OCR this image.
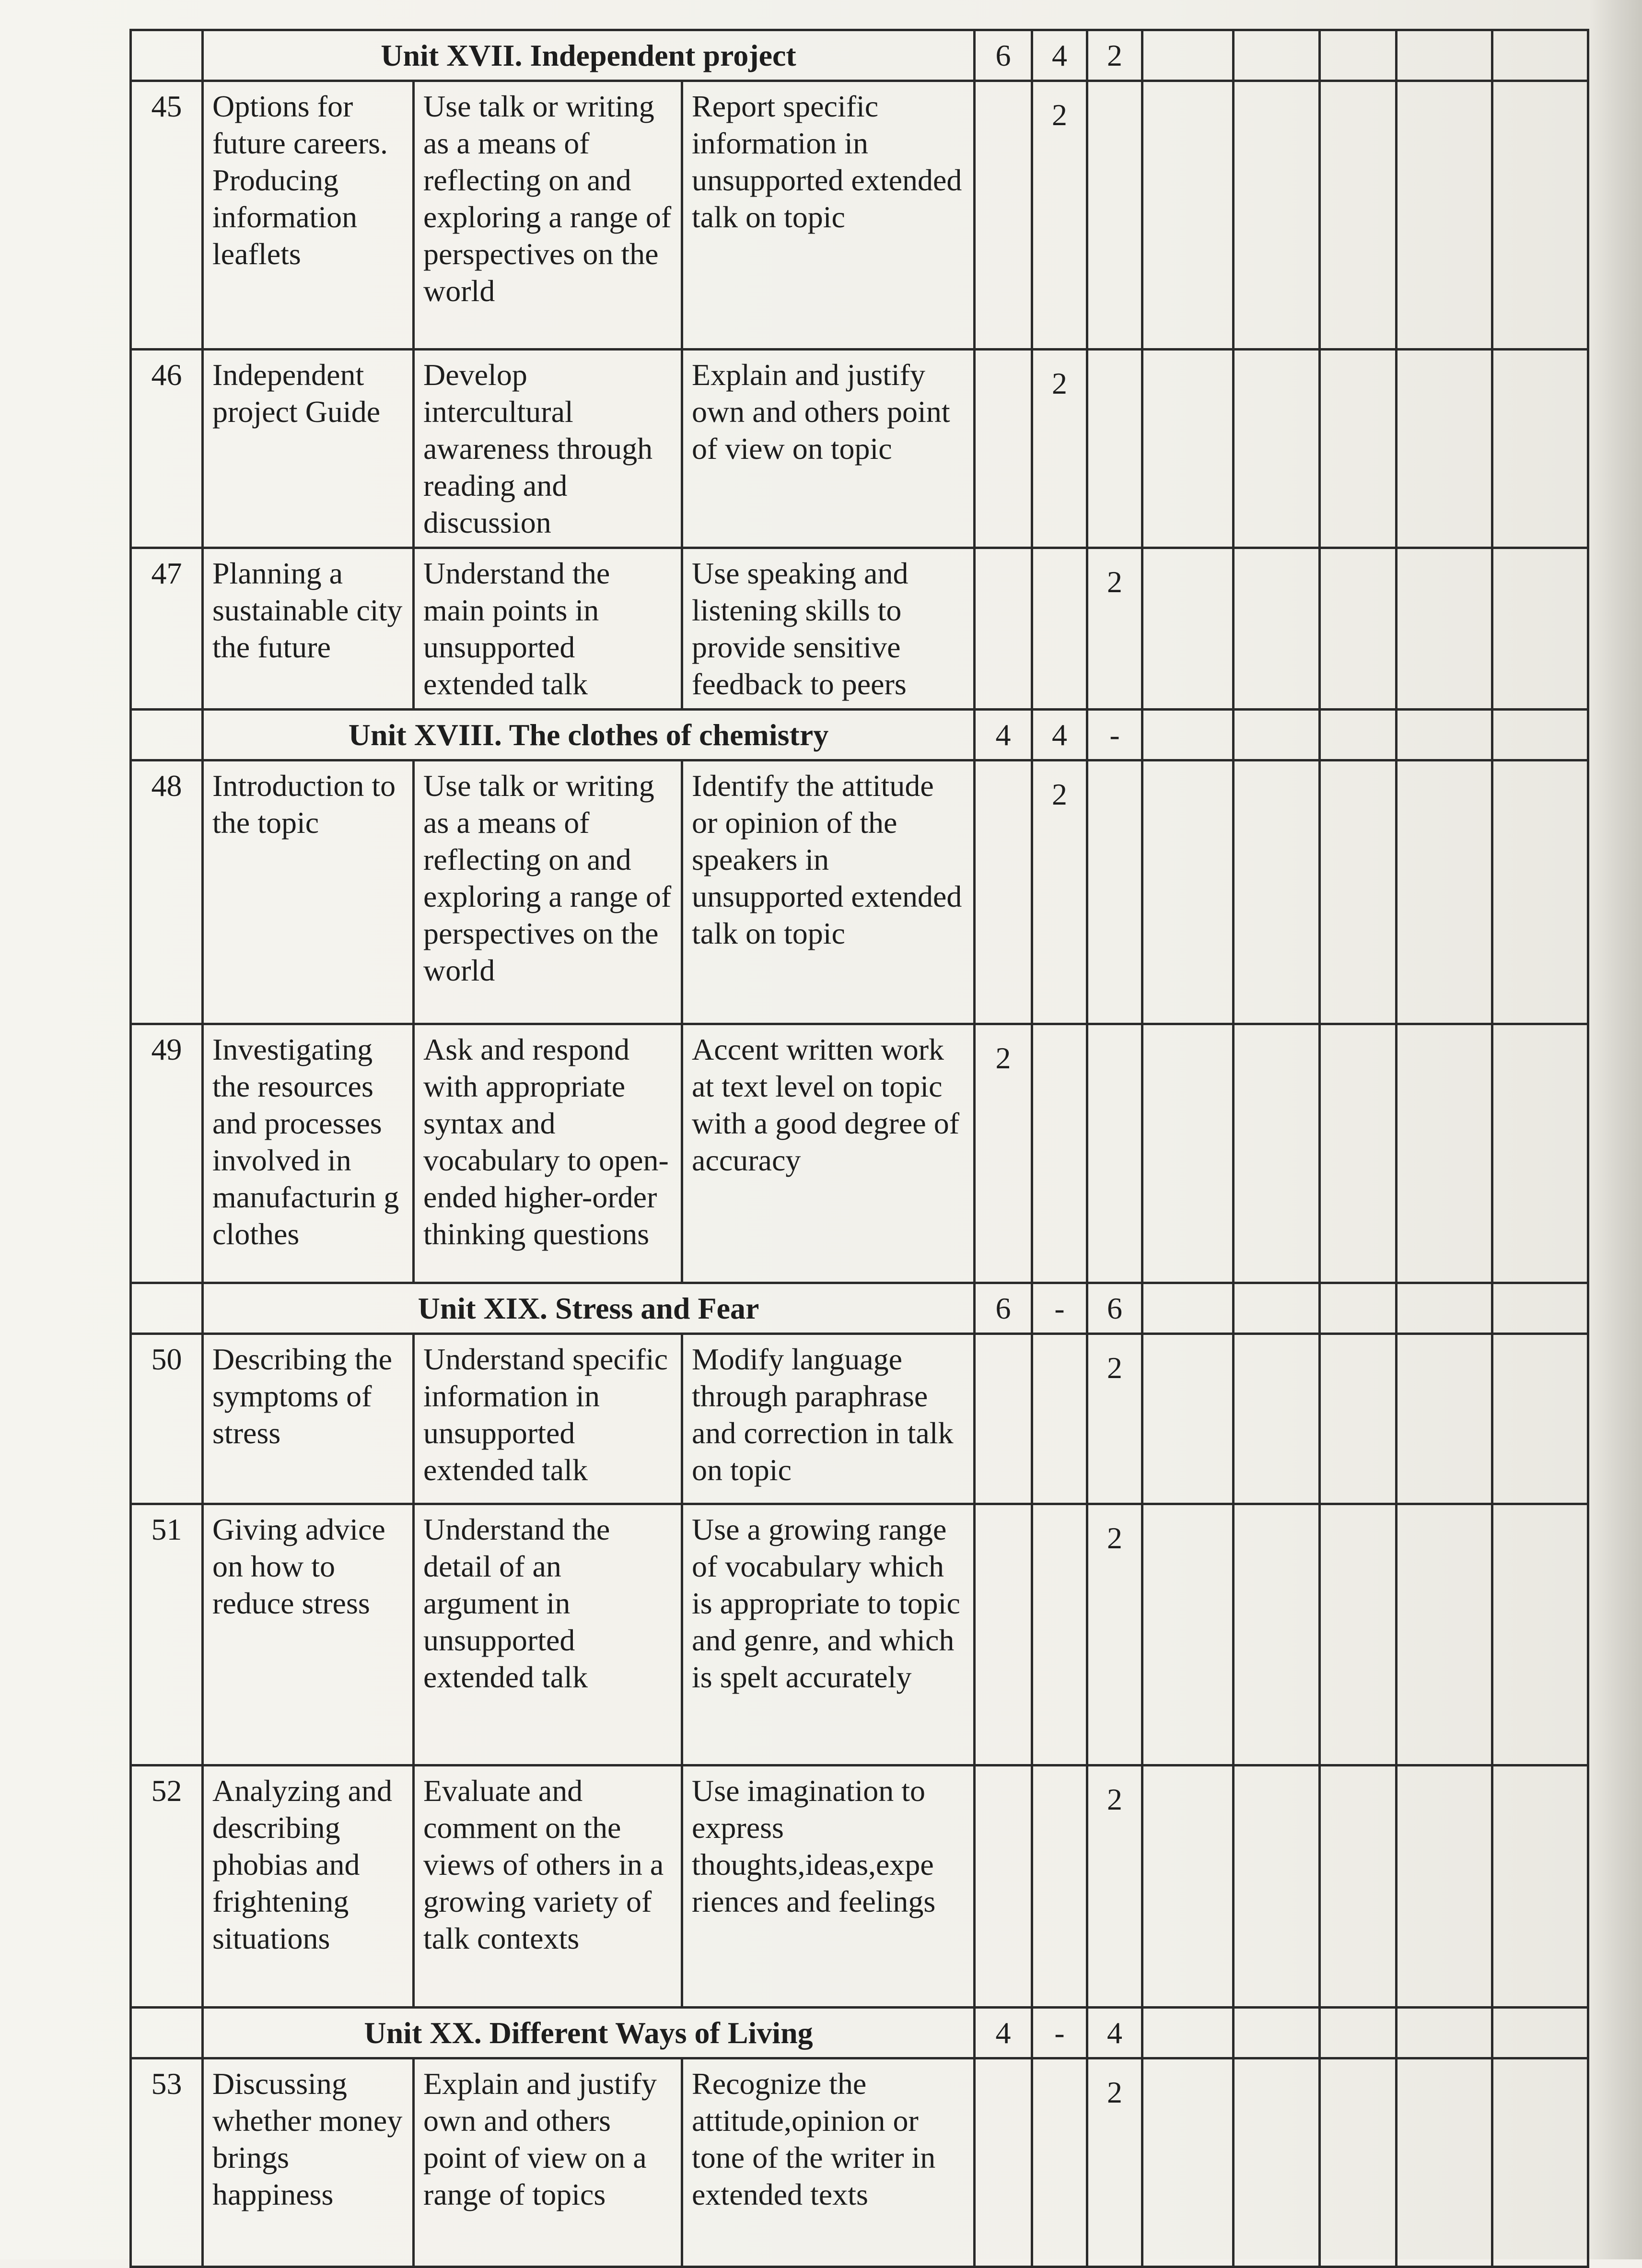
	Unit XVII. Independent project			6	4	2					
45	Options for future careers. Producing information leaflets	Use talk or writing as a means of reflecting on and exploring a range of perspectives on the world	Report specific information in unsupported extended talk on topic		2						
46	Independent project Guide	Develop intercultural awareness through reading and discussion	Explain and justify own and others point of view on topic		2						
47	Planning a sustainable city the future	Understand the main points in unsupported extended talk	Use speaking and listening skills to provide sensitive feedback to peers			2					
	Unit XVIII. The clothes of chemistry			4	4	-					
48	Introduction to the topic	Use talk or writing as a means of reflecting on and exploring a range of perspectives on the world	Identify the attitude or opinion of the speakers in unsupported extended talk on topic		2						
49	Investigating the resources and processes involved in manufacturin g clothes	Ask and respond with appropriate syntax and vocabulary to open- ended higher-order thinking questions	Accent written work at text level on topic with a good degree of accuracy	2							
	Unit XIX. Stress and Fear			6	-	6					
50	Describing the symptoms of stress	Understand specific information in unsupported extended talk	Modify language through paraphrase and correction in talk on topic			2					
51	Giving advice on how to reduce stress	Understand the detail of an argument in unsupported extended talk	Use a growing range of vocabulary which is appropriate to topic and genre, and which is spelt accurately			2					
52	Analyzing and describing phobias and frightening situations	Evaluate and comment on the views of others in a growing variety of talk contexts	Use imagination to express thoughts,ideas,expe riences and feelings			2					
	Unit XX. Different Ways of Living			4	-	4					
53	Discussing whether money brings happiness	Explain and justify own and others point of view on a range of topics	Recognize the attitude,opinion or tone of the writer in extended texts			2					
